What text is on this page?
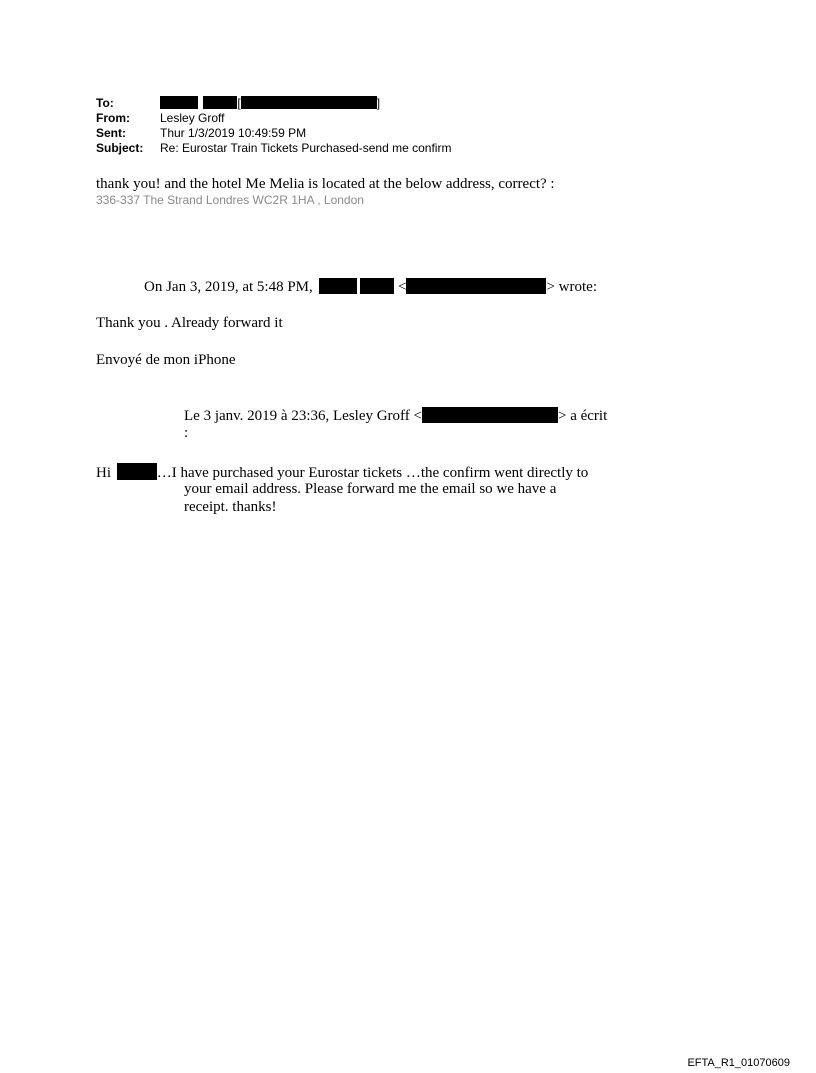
To:	[	]
From:	Lesley Groff
Sent:	Thur 1/3/2019 10:49:59 PM
Subject:	Re: Eurostar Train Tickets Purchased-send me confirm
thank you! and the hotel Me Melia is located at the below address, correct? :
336-337 The Strand Londres WC2R 1HA , London
On Jan 3, 2019, at 5:48 PM,	<	> wrote:
Thank you . Already forward it
Envoyé de mon iPhone
Le 3 janv. 2019 à 23:36, Lesley Groff <	> a écrit
:
Hi	…I have purchased your Eurostar tickets …the confirm went directly to
your email address. Please forward me the email so we have a
receipt. thanks!
EFTA_R1_01070609
